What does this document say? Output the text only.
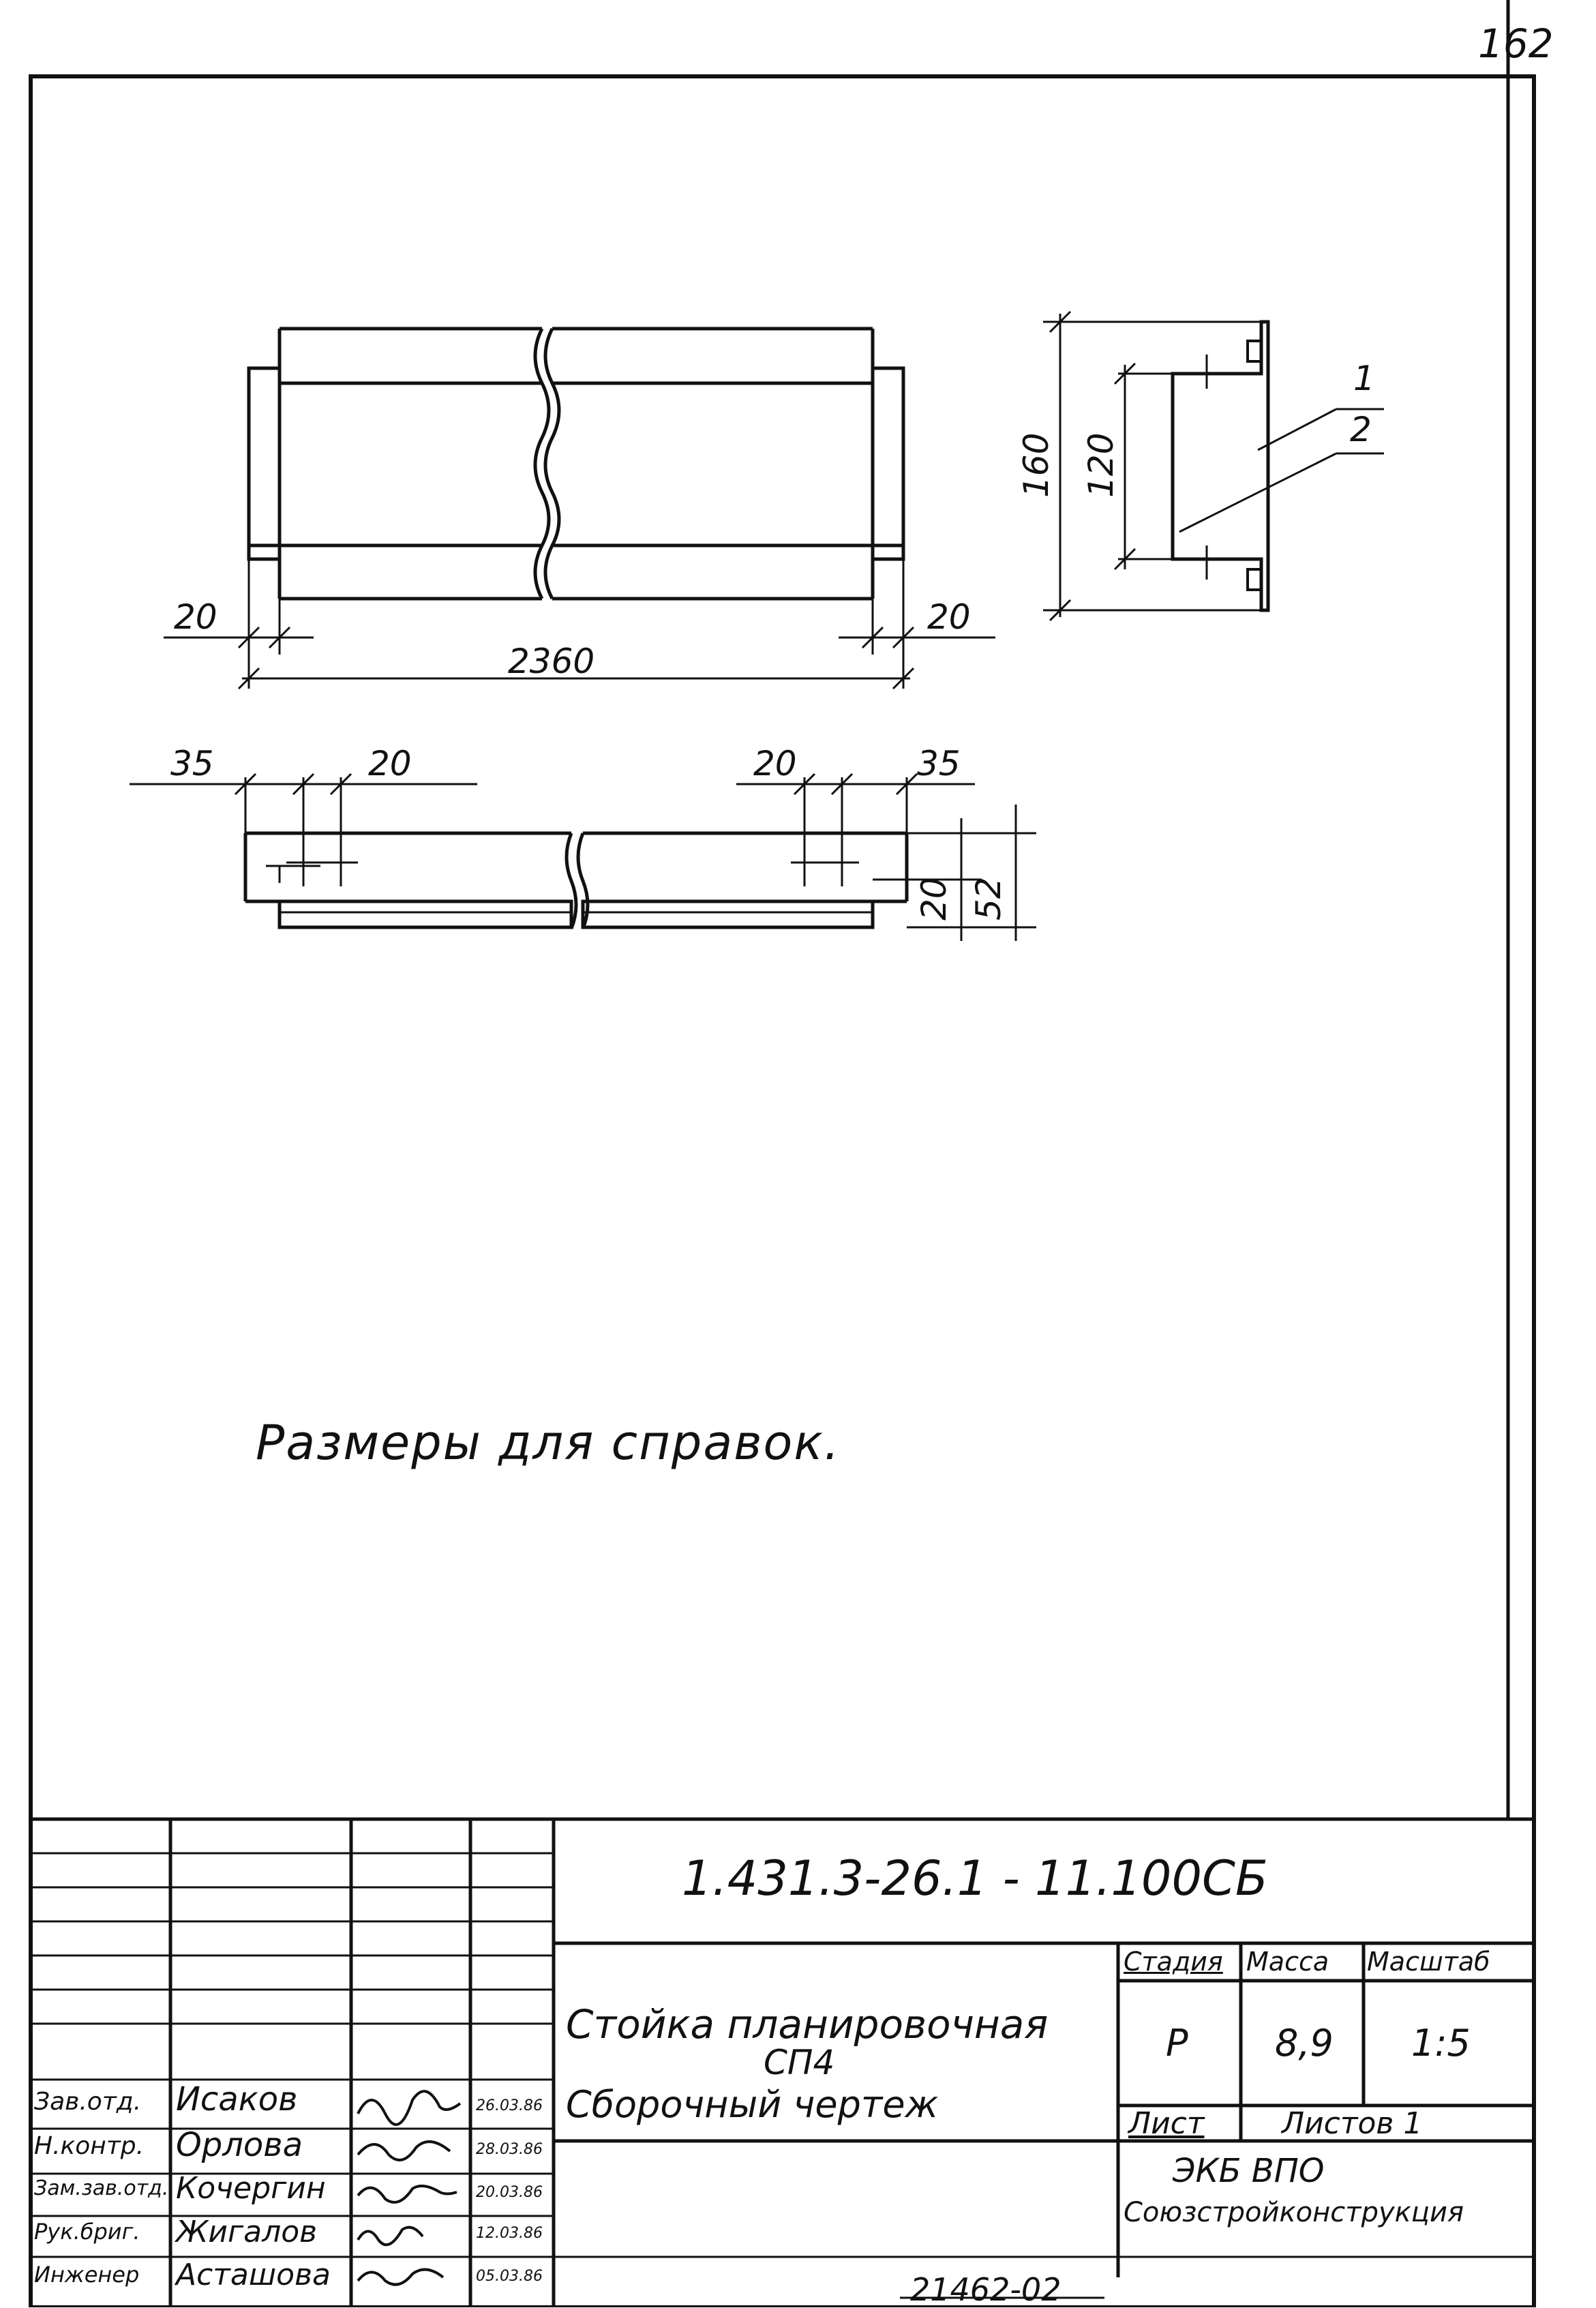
162
20	20
2360
160 120
1
2
35	20	20	35
20 52
Размеры для справок.
1.431.3-26.1 - 11.100СБ
Стойка планировочная
СП4
Сборочный чертеж
Стадия Масса Масштаб
Р 8,9 1:5
Лист	Листов 1
ЭКБ ВПО
Союзстройконструкция
Зав.отд. Исаков	26.03.86
Н.контр. Орлова	28.03.86
Зам.зав.отд. Кочергин	20.03.86
Рук.бриг. Жигалов	12.03.86
Инженер Асташова	05.03.86	21462-02
